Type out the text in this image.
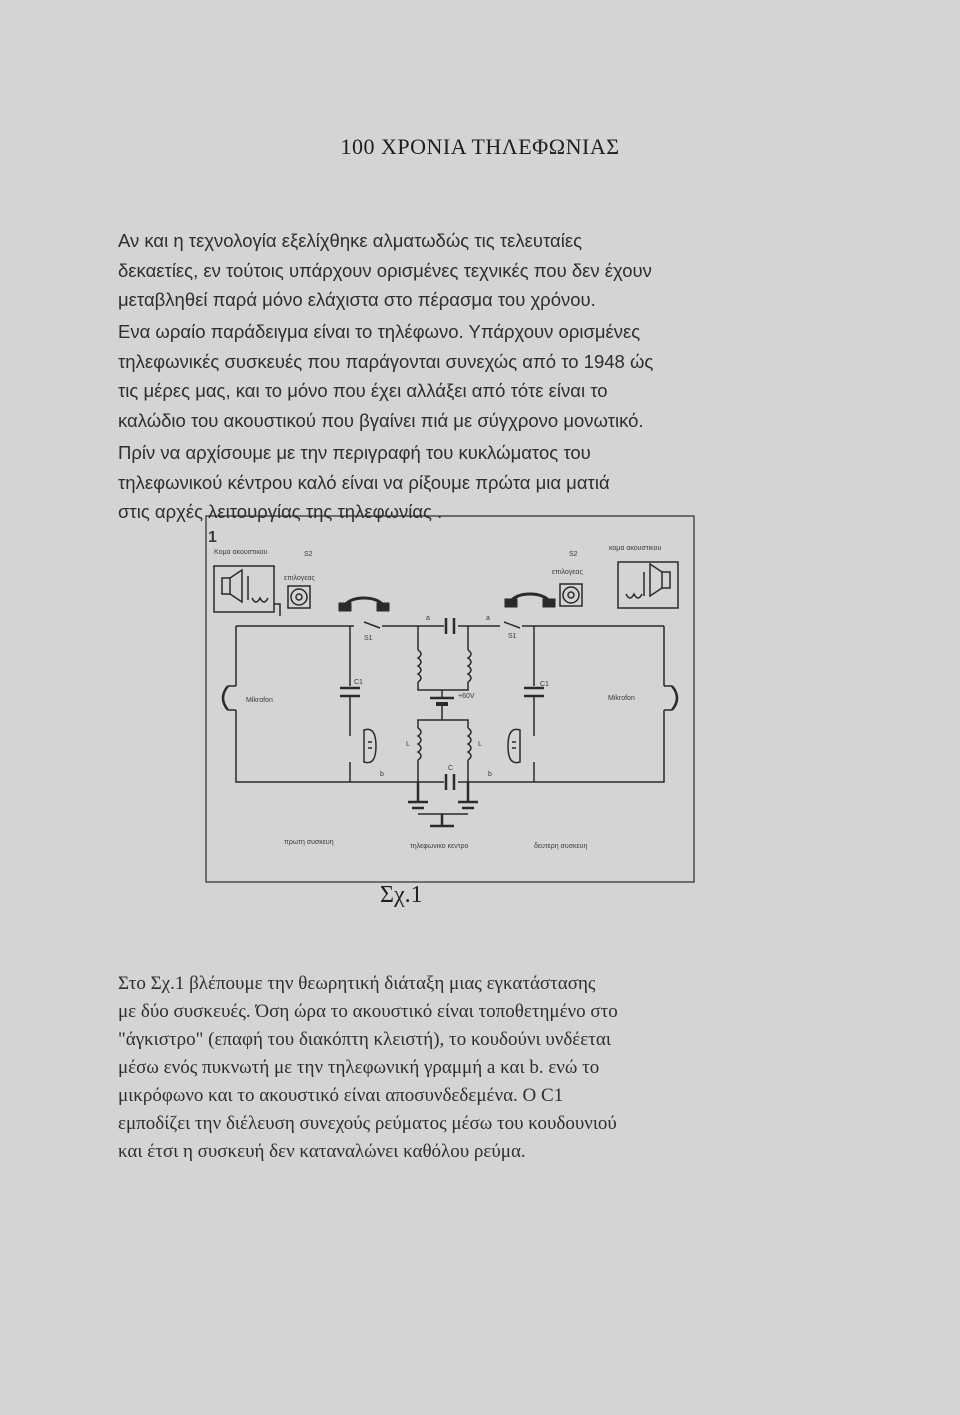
100 ΧΡΟΝΙΑ ΤΗΛΕΦΩΝΙΑΣ
Αν και η τεχνολογία εξελίχθηκε αλματωδώς τις τελευταίες
δεκαετίες, εν τούτοις υπάρχουν ορισμένες τεχνικές που δεν έχουν
μεταβληθεί παρά μόνο ελάχιστα στο πέρασμα του χρόνου.
Ενα ωραίο παράδειγμα είναι το τηλέφωνο. Υπάρχουν ορισμένες
τηλεφωνικές συσκευές που παράγονται συνεχώς από το 1948 ώς
τις μέρες μας, και το μόνο που έχει αλλάξει από τότε είναι το
καλώδιο του ακουστικού που βγαίνει πιά με σύγχρονο μονωτικό.
Πρίν να αρχίσουμε με την περιγραφή του κυκλώματος του
τηλεφωνικού κέντρου καλό είναι να ρίξουμε πρώτα μια ματιά
στις αρχές λειτουργίας της τηλεφωνίας .
1
Κομα ακουστικου	S2
κομα ακουστικου
S2
επιλογεας
επιλογεας
S1	S1
a	a
Mikrofon	Mikrofon
C1	C1
+60V
L	L
C
b	b
πρωτη συσκευη
τηλεφωνικο κεντρο	δευτερη συσκευη
Σχ.1
Στο Σχ.1 βλέπουμε την θεωρητική διάταξη μιας εγκατάστασης
με δύο συσκευές. Όση ώρα το ακουστικό είναι τοποθετημένο στο
"άγκιστρο" (επαφή του διακόπτη κλειστή), το κουδούνι υνδέεται
μέσω ενός πυκνωτή με την τηλεφωνική γραμμή a και b. ενώ το
μικρόφωνο και το ακουστικό είναι αποσυνδεδεμένα. Ο C1
εμποδίζει την διέλευση συνεχούς ρεύματος μέσω του κουδουνιού
και έτσι η συσκευή δεν καταναλώνει καθόλου ρεύμα.
